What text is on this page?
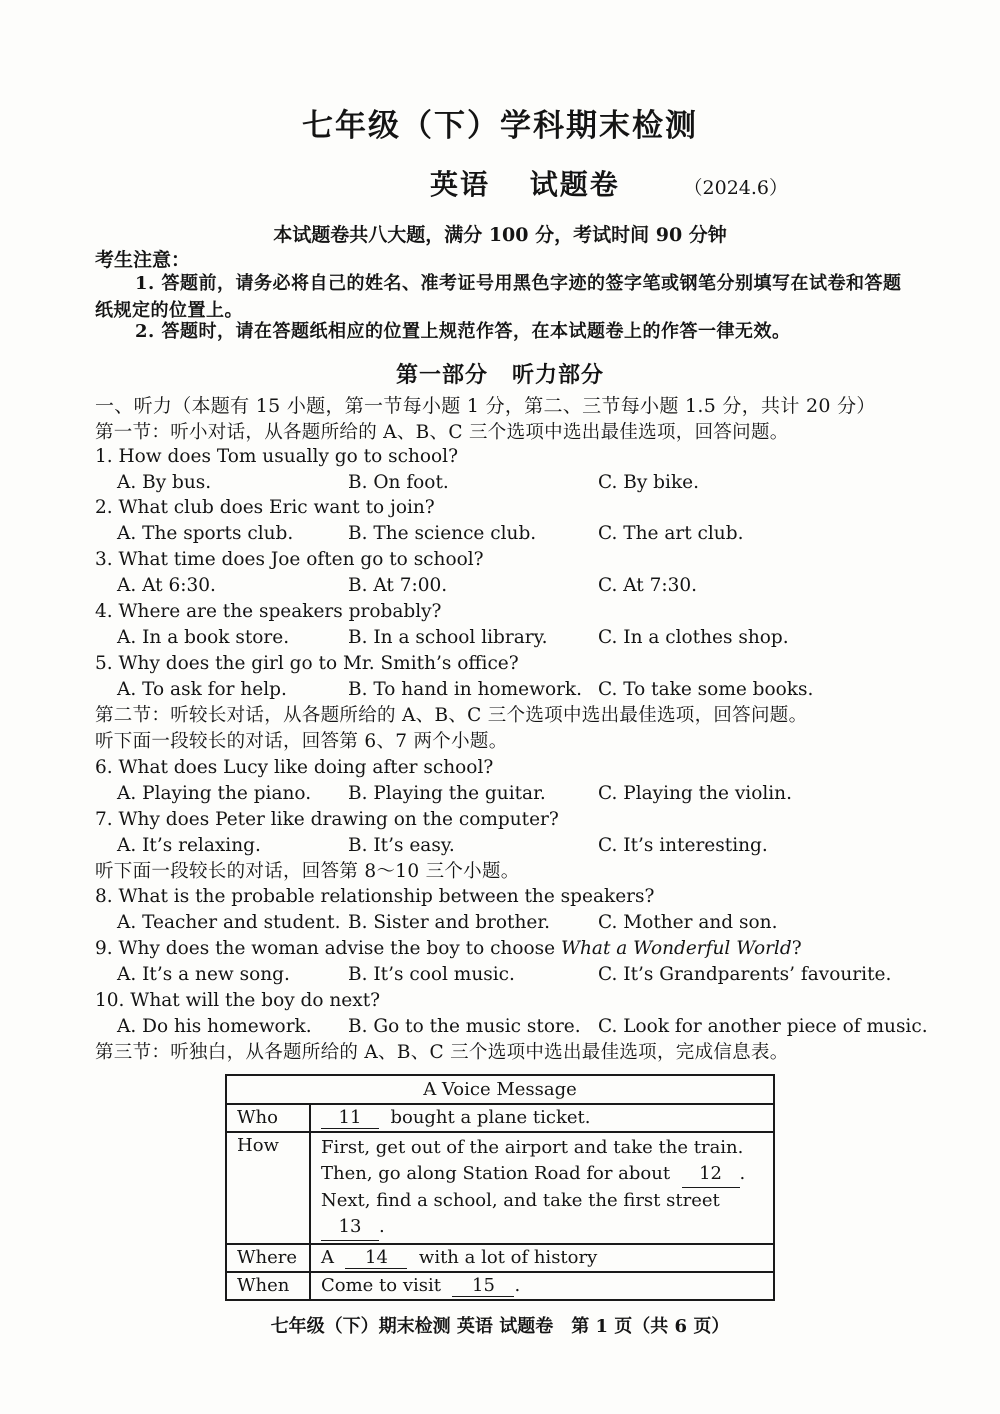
七年级（下）学科期末检测
英语 试题卷	（2024.6）
本试题卷共八大题，满分 100 分，考试时间 90 分钟
考生注意：
1. 答题前，请务必将自己的姓名、准考证号用黑色字迹的签字笔或钢笔分别填写在试卷和答题纸规定的位置上。
2. 答题时，请在答题纸相应的位置上规范作答，在本试题卷上的作答一律无效。
第一部分 听力部分
一、听力（本题有 15 小题，第一节每小题 1 分，第二、三节每小题 1.5 分，共计 20 分）
第一节：听小对话，从各题所给的 A、B、C 三个选项中选出最佳选项，回答问题。
1. How does Tom usually go to school?
A. By bus.	B. On foot.	C. By bike.
2. What club does Eric want to join?
A. The sports club.	B. The science club.	C. The art club.
3. What time does Joe often go to school?
A. At 6:30.	B. At 7:00.	C. At 7:30.
4. Where are the speakers probably?
A. In a book store.	B. In a school library.	C. In a clothes shop.
5. Why does the girl go to Mr. Smith’s office?
A. To ask for help.	B. To hand in homework. C. To take some books.
第二节：听较长对话，从各题所给的 A、B、C 三个选项中选出最佳选项，回答问题。
听下面一段较长的对话，回答第 6、7 两个小题。
6. What does Lucy like doing after school?
A. Playing the piano. B. Playing the guitar.	C. Playing the violin.
7. Why does Peter like drawing on the computer?
A. It’s relaxing.	B. It’s easy.	C. It’s interesting.
听下面一段较长的对话，回答第 8～10 三个小题。
8. What is the probable relationship between the speakers?
A. Teacher and student. B. Sister and brother.	C. Mother and son.
9. Why does the woman advise the boy to choose What a Wonderful World?
A. It’s a new song.	B. It’s cool music.	C. It’s Grandparents’ favourite.
10. What will the boy do next?
A. Do his homework. B. Go to the music store. C. Look for another piece of music.
第三节：听独白，从各题所给的 A、B、C 三个选项中选出最佳选项，完成信息表。
A Voice Message	
Who	11 bought a plane ticket.
How	First, get out of the airport and take the train.
Then, go along Station Road for about 12 .
Next, find a school, and take the first street  13 .

Where	A 14 with a lot of history
When	Come to visit 15 .
七年级（下）期末检测 英语 试题卷　第 1 页（共 6 页）
